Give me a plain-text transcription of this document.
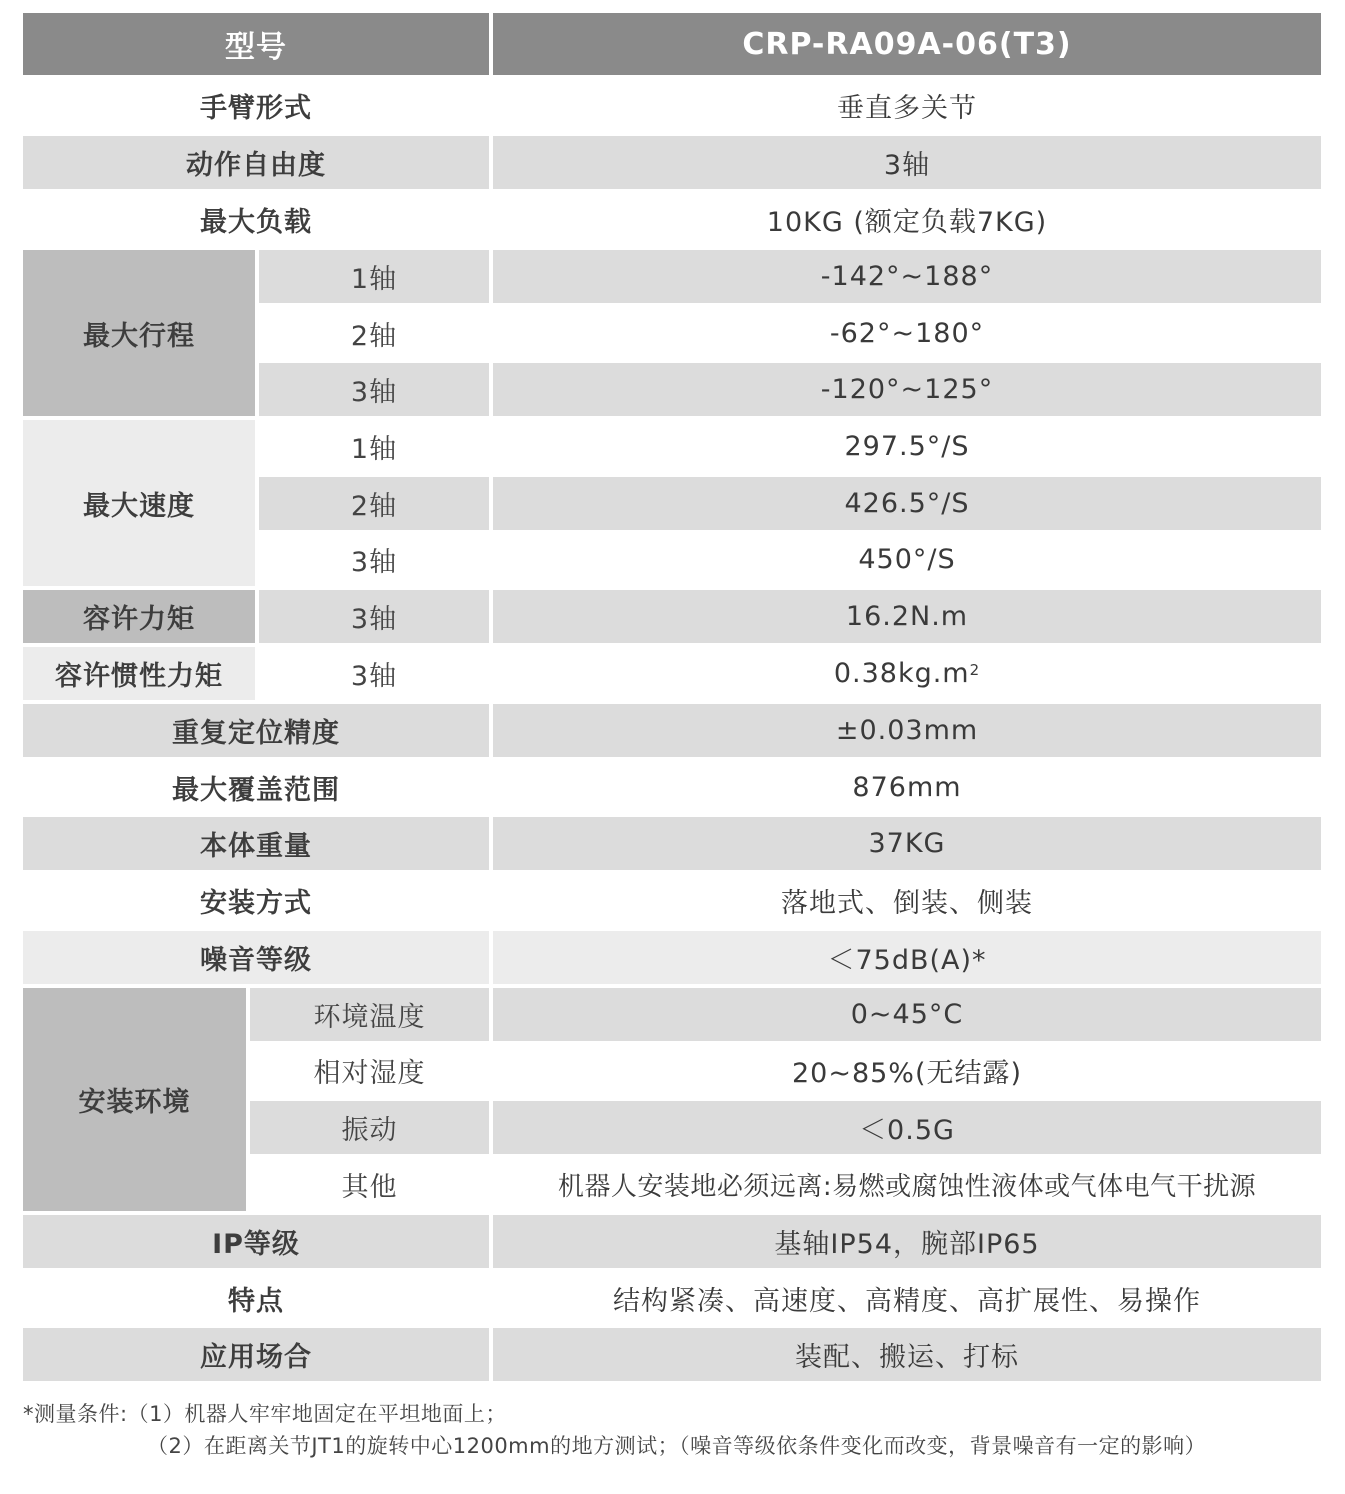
型号	CRP-RA09A-06(T3)
手臂形式	垂直多关节
动作自由度	3轴
最大负载	10KG (额定负载7KG)
最大行程
1轴	-142°~188°
2轴	-62°~180°
3轴	-120°~125°
最大速度
1轴	297.5°/S
2轴	426.5°/S
3轴	450°/S
容许力矩	3轴	16.2N.m
容许惯性力矩	3轴	$0.38kg.m^2$
重复定位精度	±0.03mm
最大覆盖范围	876mm
本体重量	37KG
安装方式	落地式、倒装、侧装
噪音等级	＜75dB(A)*
安装环境
环境温度	0~45°C
相对湿度	20~85%(无结露)
振动	＜0.5G
其他	机器人安装地必须远离:易燃或腐蚀性液体或气体电气干扰源
IP等级	基轴IP54，腕部IP65
特点	结构紧凑、高速度、高精度、高扩展性、易操作
应用场合	装配、搬运、打标
*测量条件:（1）机器人牢牢地固定在平坦地面上；
（2）在距离关节JT1的旋转中心1200mm的地方测试；（噪音等级依条件变化而改变，背景噪音有一定的影响）
